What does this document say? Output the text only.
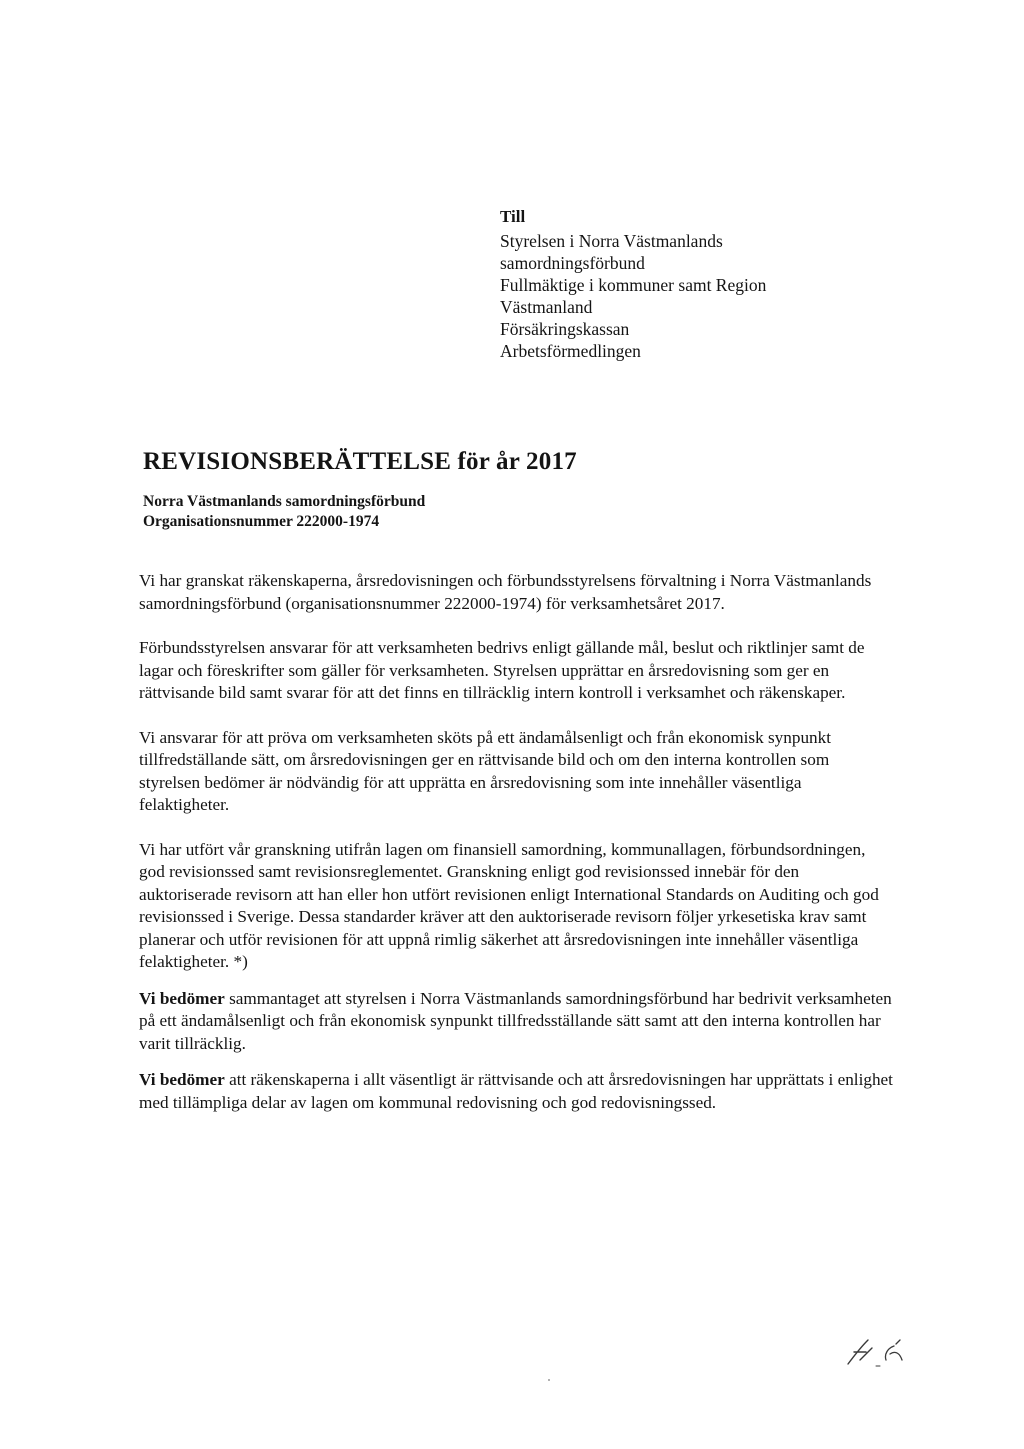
Till
Styrelsen i Norra Västmanlands
samordningsförbund
Fullmäktige i kommuner samt Region
Västmanland
Försäkringskassan
Arbetsförmedlingen
REVISIONSBERÄTTELSE för år 2017
Norra Västmanlands samordningsförbund
Organisationsnummer 222000-1974

Vi har granskat räkenskaperna, årsredovisningen och förbundsstyrelsens förvaltning i Norra Västmanlands samordningsförbund (organisationsnummer 222000-1974) för verksamhetsåret 2017.

Förbundsstyrelsen ansvarar för att verksamheten bedrivs enligt gällande mål, beslut och riktlinjer samt de lagar och föreskrifter som gäller för verksamheten. Styrelsen upprättar en årsredovisning som ger en rättvisande bild samt svarar för att det finns en tillräcklig intern kontroll i verksamhet och räkenskaper.

Vi ansvarar för att pröva om verksamheten sköts på ett ändamålsenligt och från ekonomisk synpunkt tillfredställande sätt, om årsredovisningen ger en rättvisande bild och om den interna kontrollen som styrelsen bedömer är nödvändig för att upprätta en årsredovisning som inte innehåller väsentliga felaktigheter.

Vi har utfört vår granskning utifrån lagen om finansiell samordning, kommunallagen, förbundsordningen, god revisionssed samt revisionsreglementet. Granskning enligt god revisionssed innebär för den auktoriserade revisorn att han eller hon utfört revisionen enligt International Standards on Auditing och god revisionssed i Sverige. Dessa standarder kräver att den auktoriserade revisorn följer yrkesetiska krav samt planerar och utför revisionen för att uppnå rimlig säkerhet att årsredovisningen inte innehåller väsentliga felaktigheter. *)

Vi bedömer sammantaget att styrelsen i Norra Västmanlands samordningsförbund har bedrivit verksamheten på ett ändamålsenligt och från ekonomisk synpunkt tillfredsställande sätt samt att den interna kontrollen har varit tillräcklig.

Vi bedömer att räkenskaperna i allt väsentligt är rättvisande och att årsredovisningen har upprättats i enlighet med tillämpliga delar av lagen om kommunal redovisning och god redovisningssed.
